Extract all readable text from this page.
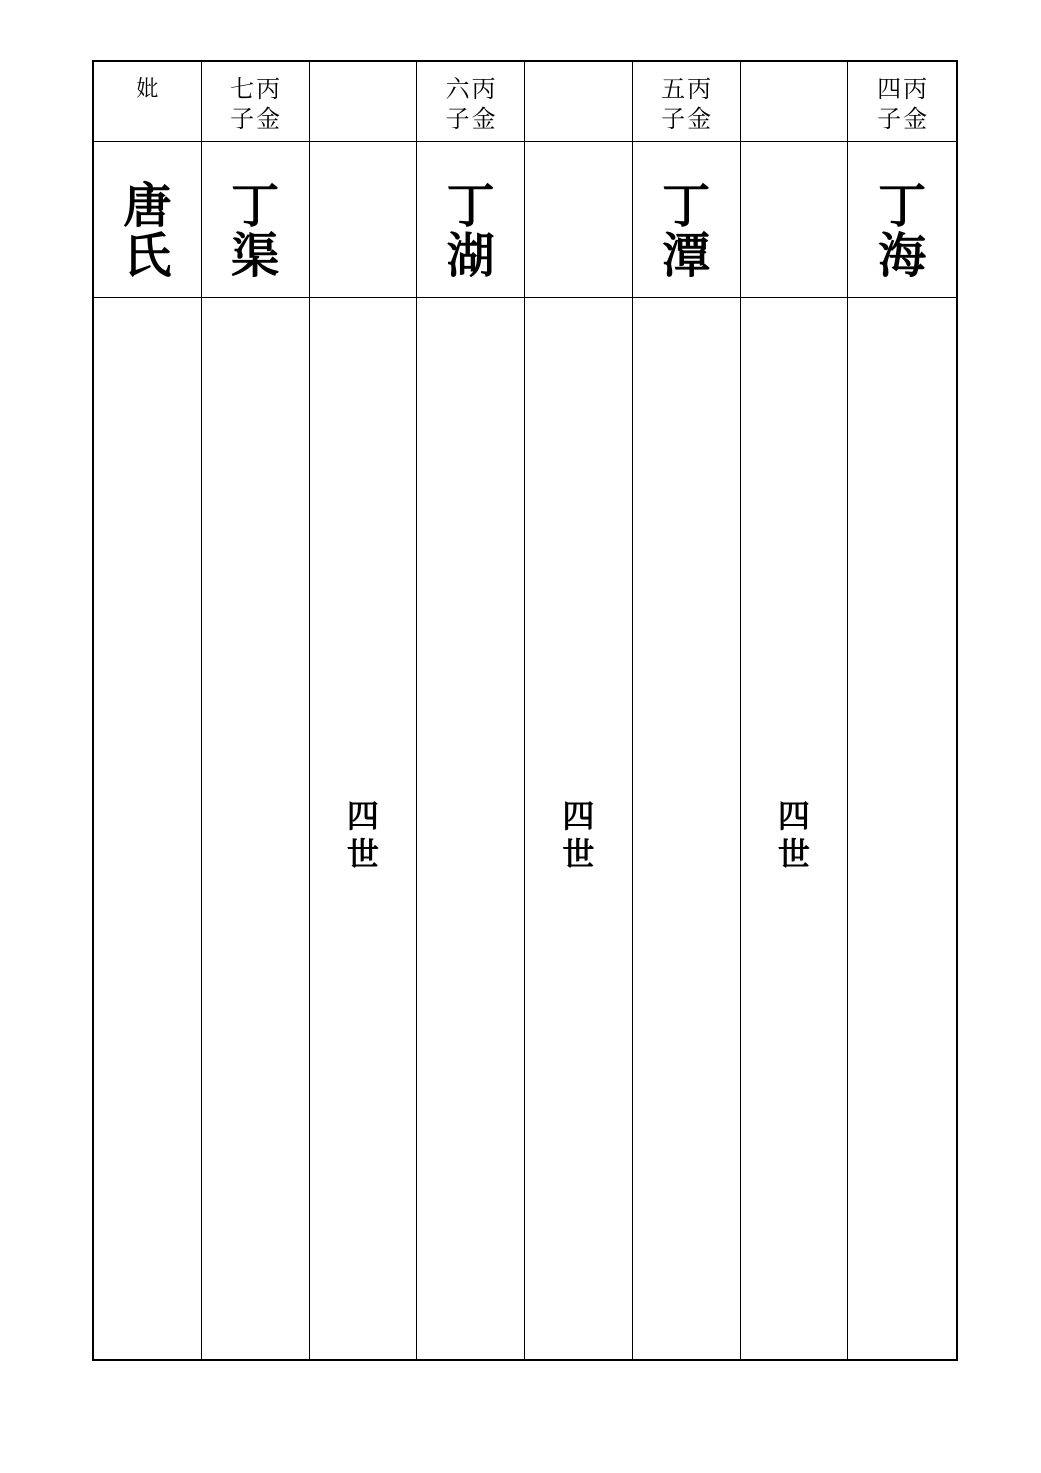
妣	丙
金
七
子
丙
金
六
子
丙
金
五
子
丙
金
四
子
唐
氏
丁
渠
丁
湖
丁
潭
丁
海
四
世
四
世
四
世
